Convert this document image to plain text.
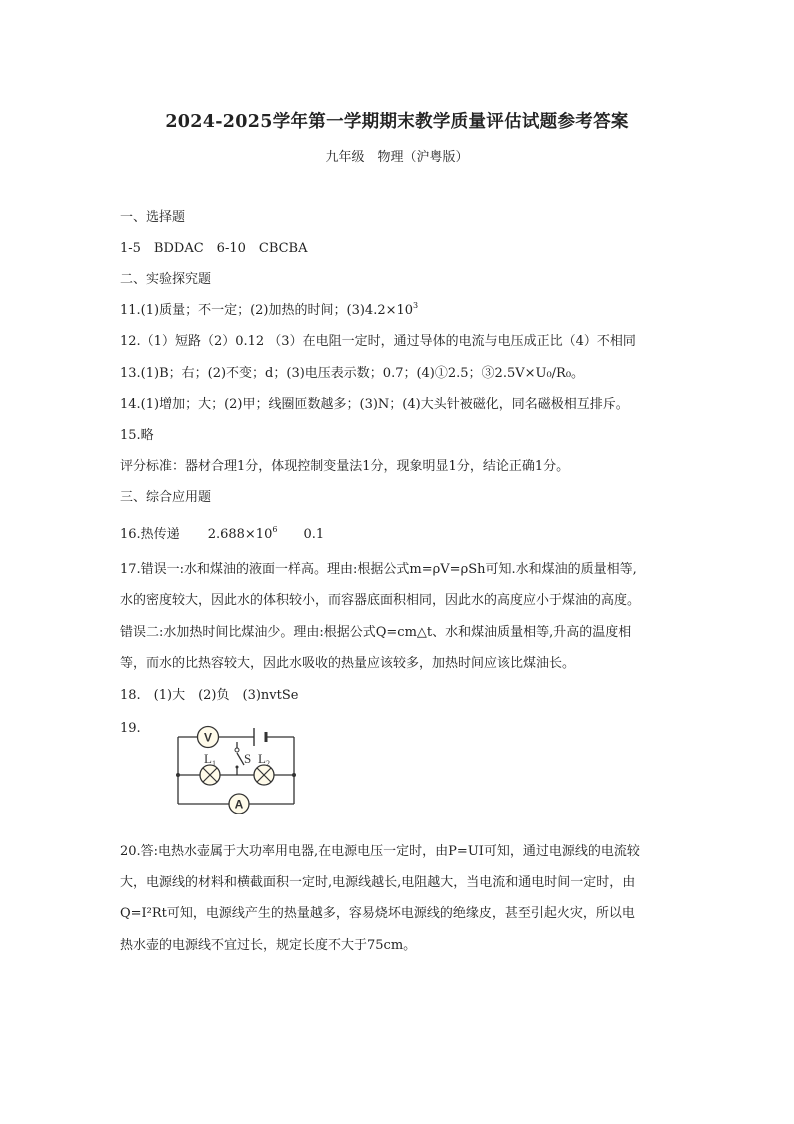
2024-2025学年第一学期期末教学质量评估试题参考答案
九年级　物理（沪粤版）
一、选择题
1-5　BDDAC　6-10　CBCBA
二、实验探究题
11.(1)质量；不一定；(2)加热的时间；$(3)4.2\times 10^3$
12.（1）短路（2）0.12 （3）在电阻一定时，通过导体的电流与电压成正比（4）不相同
13.(1)B；右；(2)不变；d；(3)电压表示数；0.7；(4)①2.5；③2.5V×U₀/R₀。
14.(1)增加；大；(2)甲；线圈匝数越多；(3)N；(4)大头针被磁化，同名磁极相互排斥。
15.略
评分标准：器材合理1分，体现控制变量法1分，现象明显1分，结论正确1分。
三、综合应用题
16.热传递 $2.688\times 10^6$ 0.1
17.错误一:水和煤油的液面一样高。理由:根据公式m=ρV=ρSh可知.水和煤油的质量相等,
水的密度较大，因此水的体积较小，而容器底面积相同，因此水的高度应小于煤油的高度。
错误二:水加热时间比煤油少。理由:根据公式Q=cm△t、水和煤油质量相等,升高的温度相
等，而水的比热容较大，因此水吸收的热量应该较多，加热时间应该比煤油长。
18.　(1)大　(2)负　(3)nvtSe
19.
V
A
$L_1$ S $L_2$
20.答:电热水壶属于大功率用电器,在电源电压一定时，由P=UI可知，通过电源线的电流较
大，电源线的材料和横截面积一定时,电源线越长,电阻越大，当电流和通电时间一定时，由
Q=I²Rt可知，电源线产生的热量越多，容易烧坏电源线的绝缘皮，甚至引起火灾，所以电
热水壶的电源线不宜过长，规定长度不大于75cm。
